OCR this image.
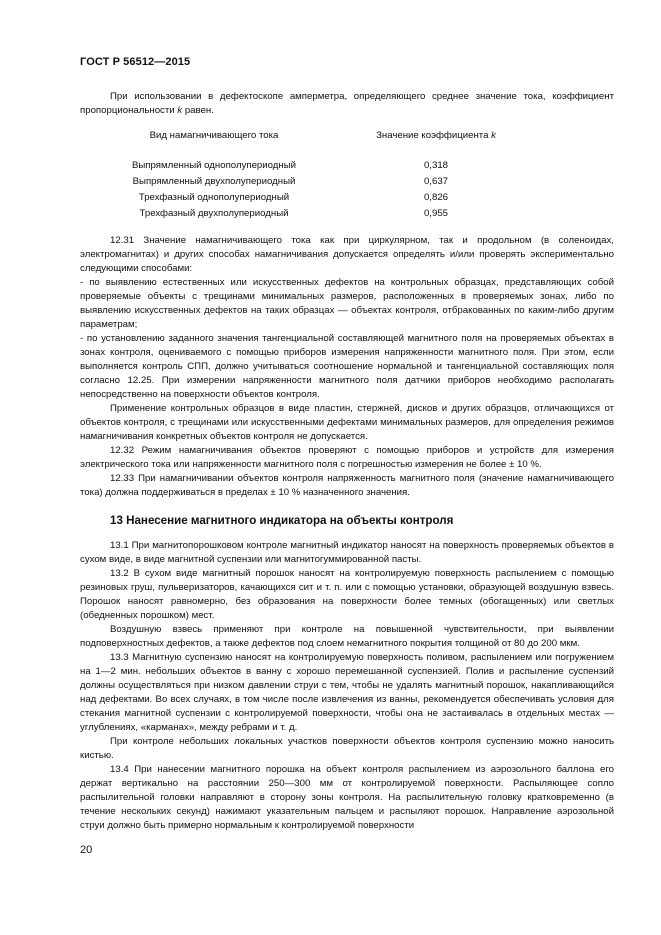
ГОСТ Р 56512—2015

При использовании в дефектоскопе амперметра, определяющего среднее значение тока, коэффициент пропорциональности k равен.

Вид намагничивающего тока	Значение коэффициента k
Выпрямленный однополупериодный	0,318
Выпрямленный двухполупериодный	0,637
Трехфазный однополупериодный	0,826
Трехфазный двухполупериодный	0,955

12.31 Значение намагничивающего тока как при циркулярном, так и продольном (в соленоидах, электромагнитах) и других способах намагничивания допускается определять и/или проверять экспериментально следующими способами:

- по выявлению естественных или искусственных дефектов на контрольных образцах, представляющих собой проверяемые объекты с трещинами минимальных размеров, расположенных в проверяемых зонах, либо по выявлению искусственных дефектов на таких образцах — объектах контроля, отбракованных по каким-либо другим параметрам;

- по установлению заданного значения тангенциальной составляющей магнитного поля на проверяемых объектах в зонах контроля, оцениваемого с помощью приборов измерения напряженности магнитного поля. При этом, если выполняется контроль СПП, должно учитываться соотношение нормальной и тангенциальной составляющих поля согласно 12.25. При измерении напряженности магнитного поля датчики приборов необходимо располагать непосредственно на поверхности объектов контроля.

Применение контрольных образцов в виде пластин, стержней, дисков и других образцов, отличающихся от объектов контроля, с трещинами или искусственными дефектами минимальных размеров, для определения режимов намагничивания конкретных объектов контроля не допускается.

12.32 Режим намагничивания объектов проверяют с помощью приборов и устройств для измерения электрического тока или напряженности магнитного поля с погрешностью измерения не более ± 10 %.

12.33 При намагничивании объектов контроля напряженность магнитного поля (значение намагничивающего тока) должна поддерживаться в пределах ± 10 % назначенного значения.

13 Нанесение магнитного индикатора на объекты контроля

13.1 При магнитопорошковом контроле магнитный индикатор наносят на поверхность проверяемых объектов в сухом виде, в виде магнитной суспензии или магнитогуммированной пасты.

13.2 В сухом виде магнитный порошок наносят на контролируемую поверхность распылением с помощью резиновых груш, пульверизаторов, качающихся сит и т. п. или с помощью установки, образующей воздушную взвесь. Порошок наносят равномерно, без образования на поверхности более темных (обогащенных) или светлых (обедненных порошком) мест.

Воздушную взвесь применяют при контроле на повышенной чувствительности, при выявлении подповерхностных дефектов, а также дефектов под слоем немагнитного покрытия толщиной от 80 до 200 мкм.

13.3 Магнитную суспензию наносят на контролируемую поверхность поливом, распылением или погружением на 1—2 мин. небольших объектов в ванну с хорошо перемешанной суспензией. Полив и распыление суспензий должны осуществляться при низком давлении струи с тем, чтобы не удалять магнитный порошок, накапливающийся над дефектами. Во всех случаях, в том числе после извлечения из ванны, рекомендуется обеспечивать условия для стекания магнитной суспензии с контролируемой поверхности, чтобы она не застаивалась в отдельных местах — углублениях, «карманах», между ребрами и т. д.

При контроле небольших локальных участков поверхности объектов контроля суспензию можно наносить кистью.

13.4 При нанесении магнитного порошка на объект контроля распылением из аэрозольного баллона его держат вертикально на расстоянии 250—300 мм от контролируемой поверхности. Распыляющее сопло распылительной головки направляют в сторону зоны контроля. На распылительную головку кратковременно (в течение нескольких секунд) нажимают указательным пальцем и распыляют порошок. Направление аэрозольной струи должно быть примерно нормальным к контролируемой поверхности

20
